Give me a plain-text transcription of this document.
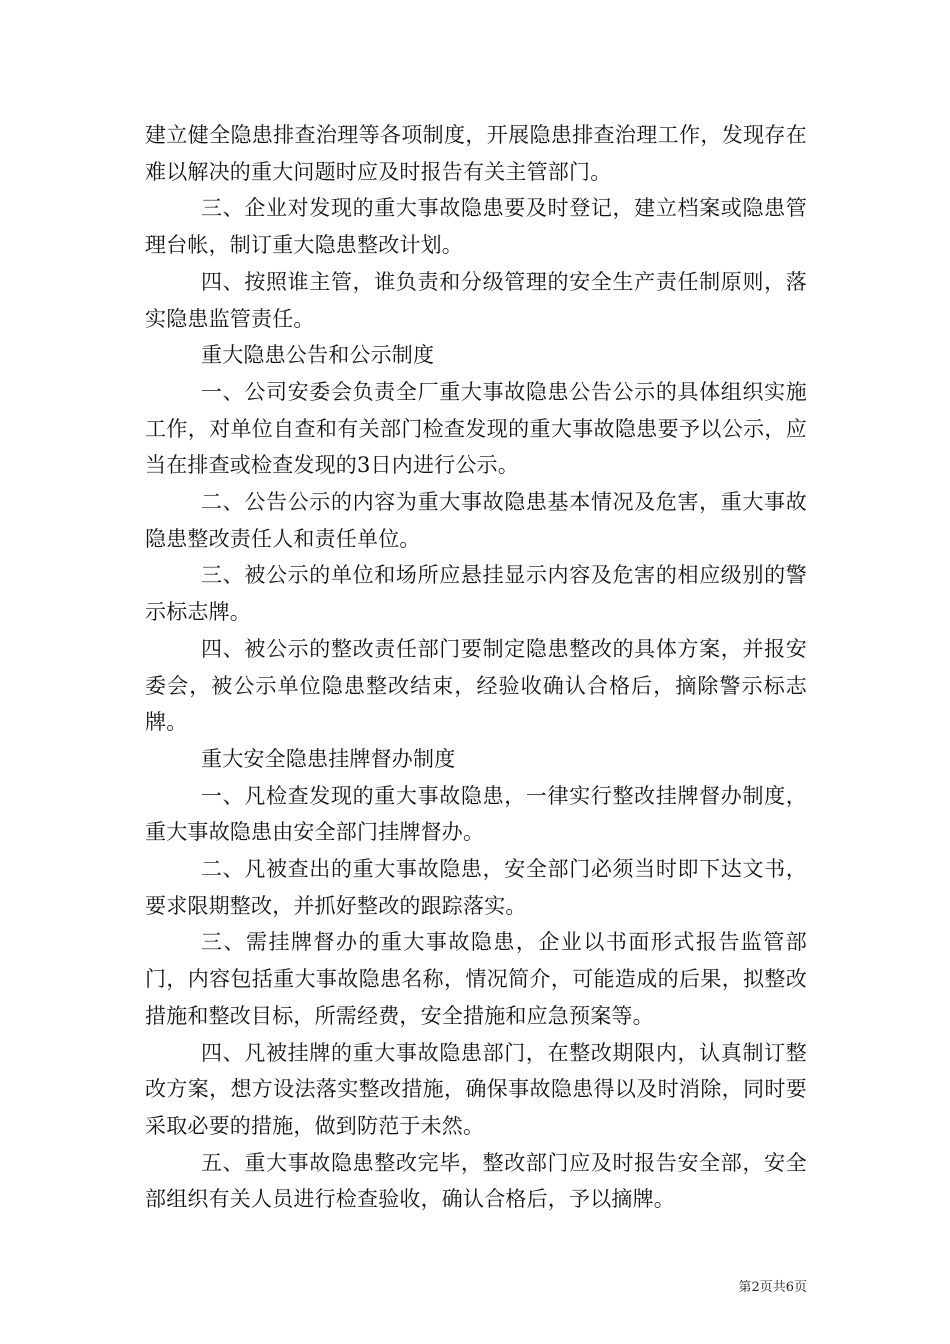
建立健全隐患排查治理等各项制度，开展隐患排查治理工作，发现存在难以解决的重大问题时应及时报告有关主管部门。

三、企业对发现的重大事故隐患要及时登记，建立档案或隐患管理台帐，制订重大隐患整改计划。

四、按照谁主管，谁负责和分级管理的安全生产责任制原则，落实隐患监管责任。

重大隐患公告和公示制度

一、公司安委会负责全厂重大事故隐患公告公示的具体组织实施工作，对单位自查和有关部门检查发现的重大事故隐患要予以公示，应当在排查或检查发现的3日内进行公示。

二、公告公示的内容为重大事故隐患基本情况及危害，重大事故隐患整改责任人和责任单位。

三、被公示的单位和场所应悬挂显示内容及危害的相应级别的警示标志牌。

四、被公示的整改责任部门要制定隐患整改的具体方案，并报安委会，被公示单位隐患整改结束，经验收确认合格后，摘除警示标志牌。

重大安全隐患挂牌督办制度

一、凡检查发现的重大事故隐患，一律实行整改挂牌督办制度，重大事故隐患由安全部门挂牌督办。

二、凡被查出的重大事故隐患，安全部门必须当时即下达文书，要求限期整改，并抓好整改的跟踪落实。

三、需挂牌督办的重大事故隐患，企业以书面形式报告监管部门，内容包括重大事故隐患名称，情况简介，可能造成的后果，拟整改措施和整改目标，所需经费，安全措施和应急预案等。

四、凡被挂牌的重大事故隐患部门，在整改期限内，认真制订整改方案，想方设法落实整改措施，确保事故隐患得以及时消除，同时要采取必要的措施，做到防范于未然。

五、重大事故隐患整改完毕，整改部门应及时报告安全部，安全部组织有关人员进行检查验收，确认合格后，予以摘牌。

第2页共6页
